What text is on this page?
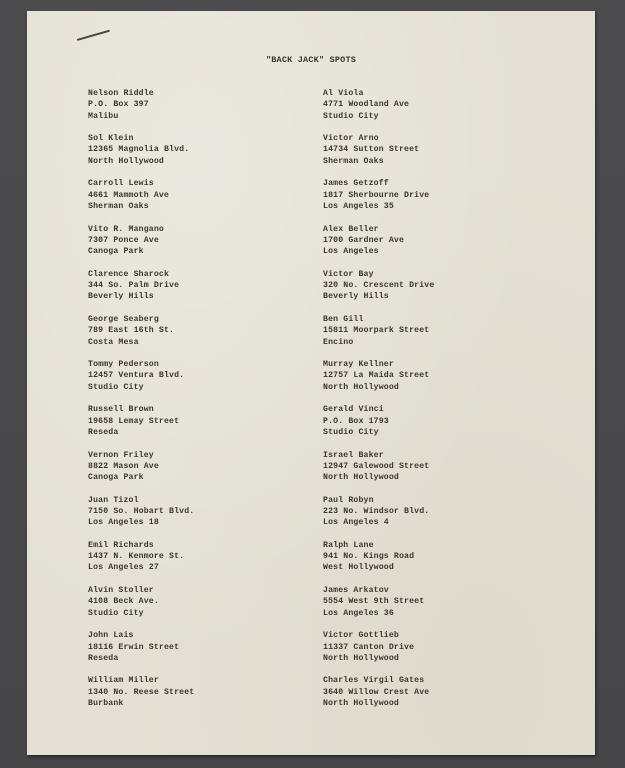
"BACK JACK" SPOTS
Nelson Riddle
P.O. Box 397
Malibu
Sol Klein
12365 Magnolia Blvd.
North Hollywood
Carroll Lewis
4661 Mammoth Ave
Sherman Oaks
Vito R. Mangano
7307 Ponce Ave
Canoga Park
Clarence Sharock
344 So. Palm Drive
Beverly Hills
George Seaberg
789 East 16th St.
Costa Mesa
Tommy Pederson
12457 Ventura Blvd.
Studio City
Russell Brown
19658 Lemay Street
Reseda
Vernon Friley
8822 Mason Ave
Canoga Park
Juan Tizol
7150 So. Hobart Blvd.
Los Angeles 18
Emil Richards
1437 N. Kenmore St.
Los Angeles 27
Alvin Stoller
4108 Beck Ave.
Studio City
John Lais
18116 Erwin Street
Reseda
William Miller
1340 No. Reese Street
Burbank
Al Viola
4771 Woodland Ave
Studio City
Victor Arno
14734 Sutton Street
Sherman Oaks
James Getzoff
1817 Sherbourne Drive
Los Angeles 35
Alex Beller
1700 Gardner Ave
Los Angeles
Victor Bay
320 No. Crescent Drive
Beverly Hills
Ben Gill
15811 Moorpark Street
Encino
Murray Kellner
12757 La Maida Street
North Hollywood
Gerald Vinci
P.O. Box 1793
Studio City
Israel Baker
12947 Galewood Street
North Hollywood
Paul Robyn
223 No. Windsor Blvd.
Los Angeles 4
Ralph Lane
941 No. Kings Road
West Hollywood
James Arkatov
5554 West 9th Street
Los Angeles 36
Victor Gottlieb
11337 Canton Drive
North Hollywood
Charles Virgil Gates
3640 Willow Crest Ave
North Hollywood
